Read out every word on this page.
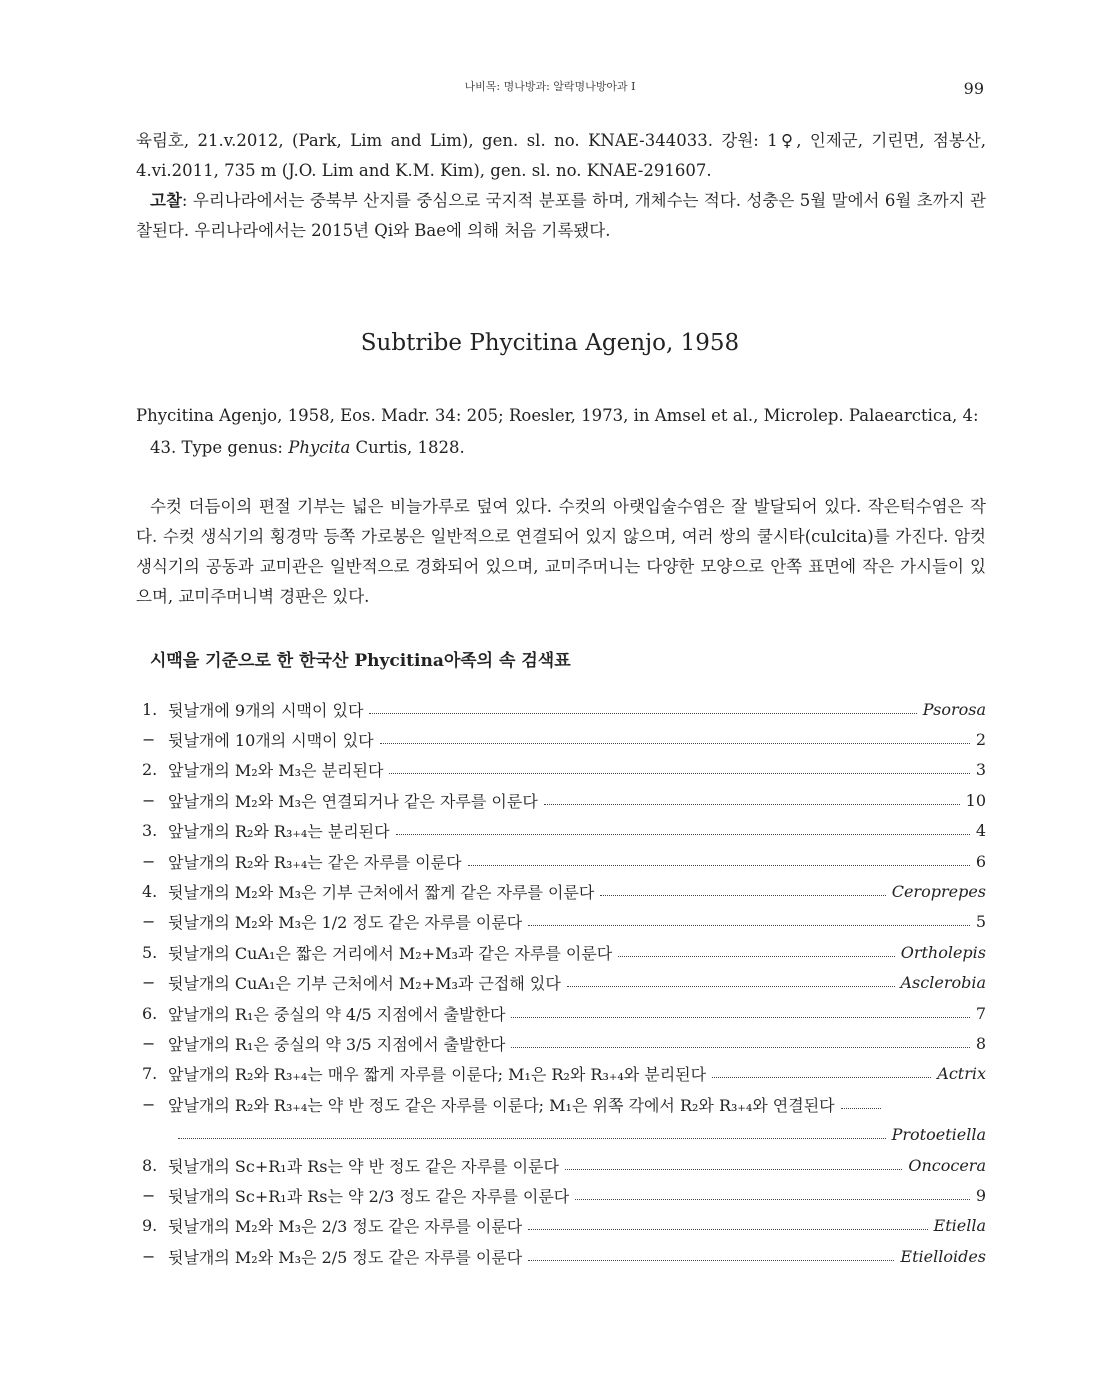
나비목: 명나방과: 알락명나방아과 I	99

육림호, 21.v.2012, (Park, Lim and Lim), gen. sl. no. KNAE-344033. 강원: 1♀, 인제군, 기린면, 점봉산, 4.vi.2011, 735 m (J.O. Lim and K.M. Kim), gen. sl. no. KNAE-291607.
고찰: 우리나라에서는 중북부 산지를 중심으로 국지적 분포를 하며, 개체수는 적다. 성충은 5월 말에서 6월 초까지 관찰된다. 우리나라에서는 2015년 Qi와 Bae에 의해 처음 기록됐다.

Subtribe Phycitina Agenjo, 1958

Phycitina Agenjo, 1958, Eos. Madr. 34: 205; Roesler, 1973, in Amsel et al., Microlep. Palaearctica, 4:
43. Type genus: Phycita Curtis, 1828.

수컷 더듬이의 편절 기부는 넓은 비늘가루로 덮여 있다. 수컷의 아랫입술수염은 잘 발달되어 있다. 작은턱수염은 작다. 수컷 생식기의 횡경막 등쪽 가로봉은 일반적으로 연결되어 있지 않으며, 여러 쌍의 쿨시타(culcita)를 가진다. 암컷 생식기의 공동과 교미관은 일반적으로 경화되어 있으며, 교미주머니는 다양한 모양으로 안쪽 표면에 작은 가시들이 있으며, 교미주머니벽 경판은 있다.

시맥을 기준으로 한 한국산 Phycitina아족의 속 검색표
1. 뒷날개에 9개의 시맥이 있다	Psorosa
− 뒷날개에 10개의 시맥이 있다	2
2. 앞날개의 M₂와 M₃은 분리된다	3
− 앞날개의 M₂와 M₃은 연결되거나 같은 자루를 이룬다	10
3. 앞날개의 R₂와 R₃₊₄는 분리된다	4
− 앞날개의 R₂와 R₃₊₄는 같은 자루를 이룬다	6
4. 뒷날개의 M₂와 M₃은 기부 근처에서 짧게 같은 자루를 이룬다	Ceroprepes
− 뒷날개의 M₂와 M₃은 1/2 정도 같은 자루를 이룬다	5
5. 뒷날개의 CuA₁은 짧은 거리에서 M₂+M₃과 같은 자루를 이룬다	Ortholepis
− 뒷날개의 CuA₁은 기부 근처에서 M₂+M₃과 근접해 있다	Asclerobia
6. 앞날개의 R₁은 중실의 약 4/5 지점에서 출발한다	7
− 앞날개의 R₁은 중실의 약 3/5 지점에서 출발한다	8
7. 앞날개의 R₂와 R₃₊₄는 매우 짧게 자루를 이룬다; M₁은 R₂와 R₃₊₄와 분리된다	Actrix
− 앞날개의 R₂와 R₃₊₄는 약 반 정도 같은 자루를 이룬다; M₁은 위쪽 각에서 R₂와 R₃₊₄와 연결된다
Protoetiella
8. 뒷날개의 Sc+R₁과 Rs는 약 반 정도 같은 자루를 이룬다	Oncocera
− 뒷날개의 Sc+R₁과 Rs는 약 2/3 정도 같은 자루를 이룬다	9
9. 뒷날개의 M₂와 M₃은 2/3 정도 같은 자루를 이룬다	Etiella
− 뒷날개의 M₂와 M₃은 2/5 정도 같은 자루를 이룬다	Etielloides
